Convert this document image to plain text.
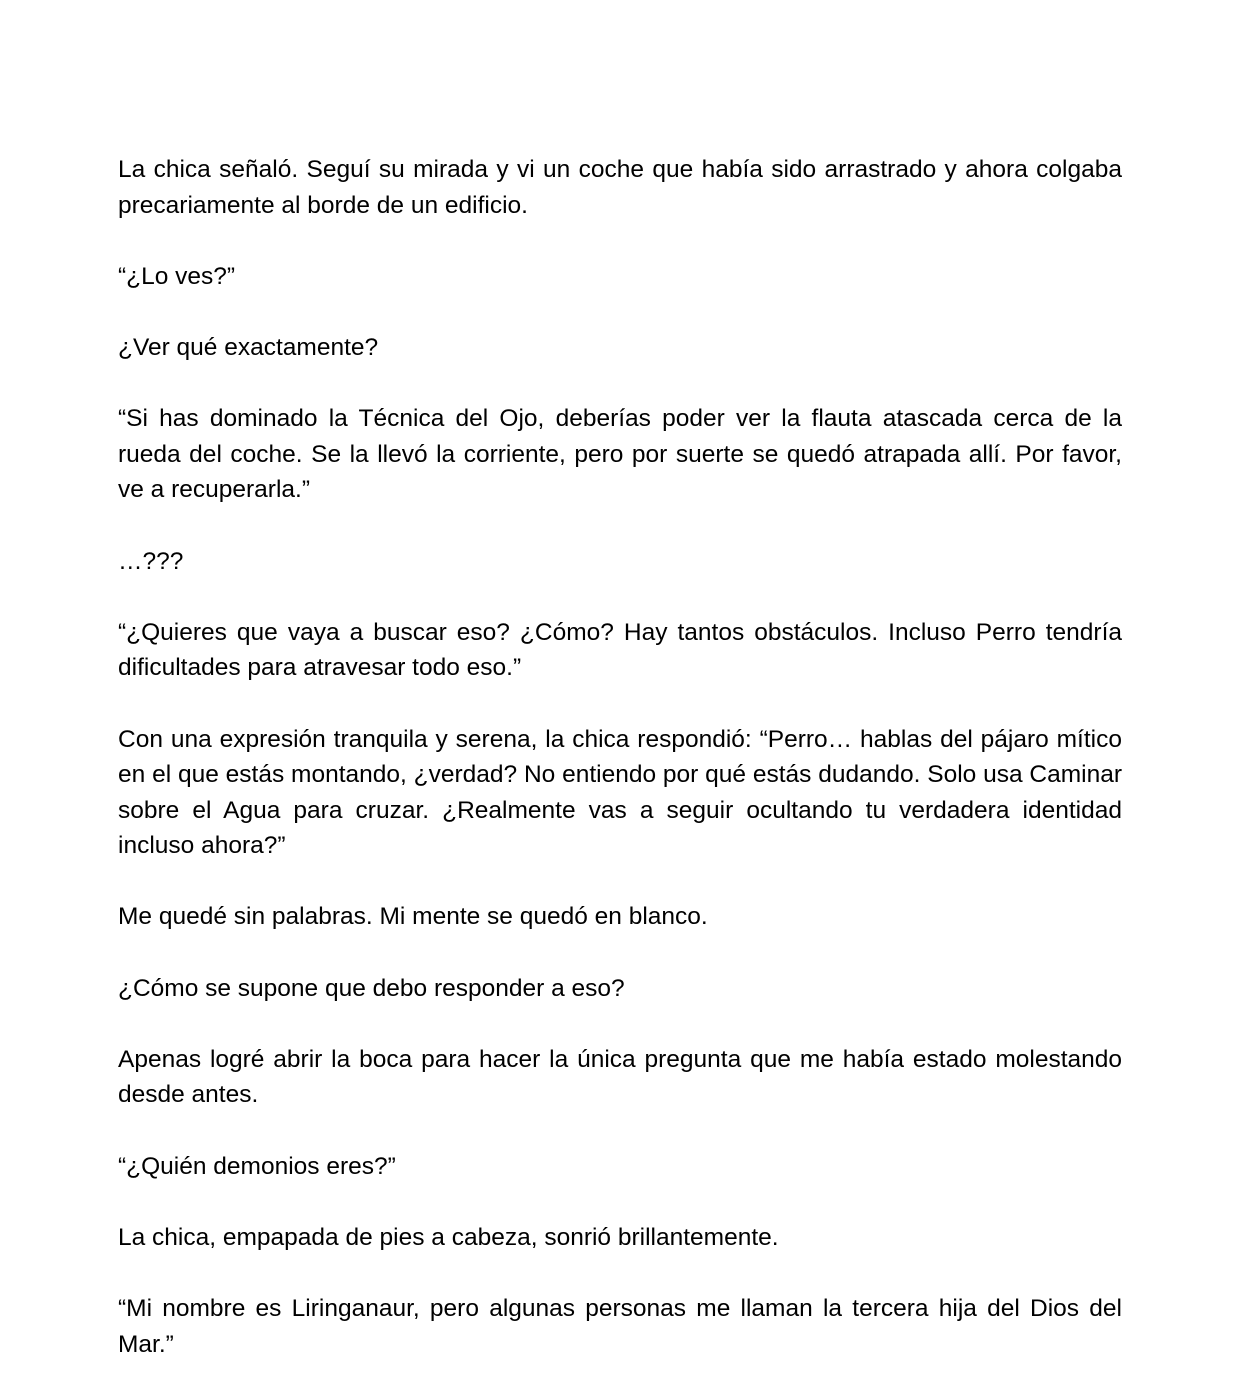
La chica señaló. Seguí su mirada y vi un coche que había sido arrastrado y ahora colgaba precariamente al borde de un edificio.

“¿Lo ves?”

¿Ver qué exactamente?

“Si has dominado la Técnica del Ojo, deberías poder ver la flauta atascada cerca de la rueda del coche. Se la llevó la corriente, pero por suerte se quedó atrapada allí. Por favor, ve a recuperarla.”

…???

“¿Quieres que vaya a buscar eso? ¿Cómo? Hay tantos obstáculos. Incluso Perro tendría dificultades para atravesar todo eso.”

Con una expresión tranquila y serena, la chica respondió: “Perro… hablas del pájaro mítico en el que estás montando, ¿verdad? No entiendo por qué estás dudando. Solo usa Caminar sobre el Agua para cruzar. ¿Realmente vas a seguir ocultando tu verdadera identidad incluso ahora?”

Me quedé sin palabras. Mi mente se quedó en blanco.

¿Cómo se supone que debo responder a eso?

Apenas logré abrir la boca para hacer la única pregunta que me había estado molestando desde antes.

“¿Quién demonios eres?”

La chica, empapada de pies a cabeza, sonrió brillantemente.

“Mi nombre es Liringanaur, pero algunas personas me llaman la tercera hija del Dios del Mar.”
